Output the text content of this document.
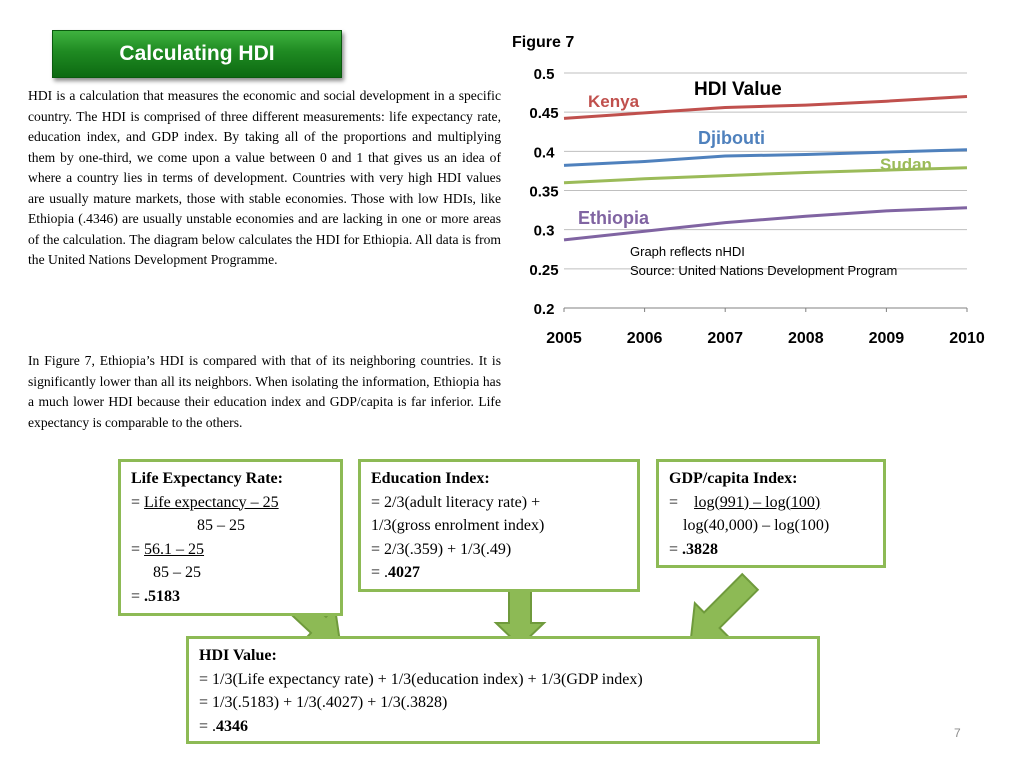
Calculating HDI

HDI is a calculation that measures the economic and social development in a specific country. The HDI is comprised of three different measurements: life expectancy rate, education index, and GDP index. By taking all of the proportions and multiplying them by one-third, we come upon a value between 0 and 1 that gives us an idea of where a country lies in terms of development. Countries with very high HDI values are usually mature markets, those with stable economies. Those with low HDIs, like Ethiopia (.4346) are usually unstable economies and are lacking in one or more areas of the calculation. The diagram below calculates the HDI for Ethiopia. All data is from the United Nations Development Programme.

In Figure 7, Ethiopia’s HDI is compared with that of its neighboring countries. It is significantly lower than all its neighbors. When isolating the information, Ethiopia has a much lower HDI because their education index and GDP/capita is far inferior. Life expectancy is comparable to the others.

Figure 7
0.2
0.25
0.3
0.35
0.4
0.45
0.5
2005	2006	2007	2008	2009	2010
Kenya
Djibouti
Sudan
Ethiopia
HDI Value
Graph reflects nHDI
Source: United Nations Development Program
Life Expectancy Rate:
= Life expectancy – 25
85 – 25
= 56.1 – 25
85 – 25
= .5183
Education Index:
= 2/3(adult literacy rate) +
1/3(gross enrolment index)
= 2/3(.359) + 1/3(.49)
= .4027
GDP/capita Index:
=    log(991) – log(100)
log(40,000) – log(100)
= .3828
HDI Value:
= 1/3(Life expectancy rate) + 1/3(education index) + 1/3(GDP index)
= 1/3(.5183) + 1/3(.4027) + 1/3(.3828)
= .4346	7
